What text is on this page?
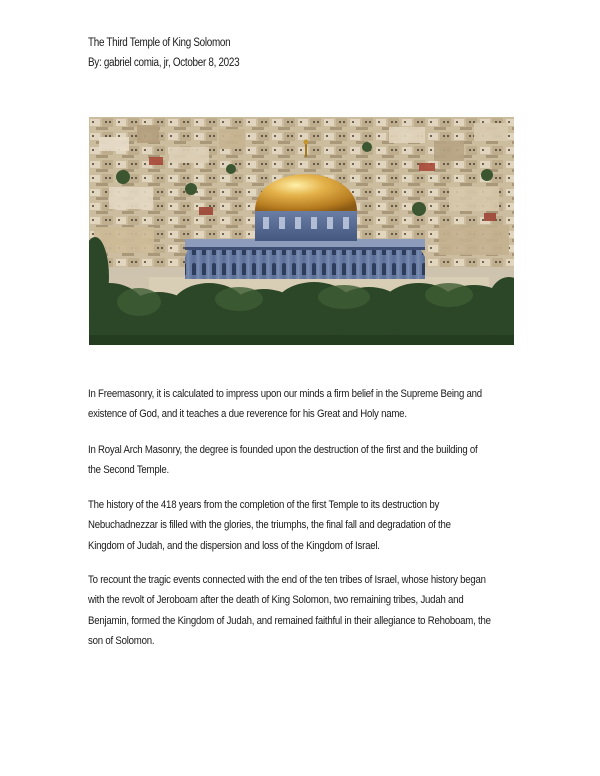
The Third Temple of King Solomon
By: gabriel comia, jr, October 8, 2023
In Freemasonry, it is calculated to impress upon our minds a firm belief in the Supreme Being and
existence of God, and it teaches a due reverence for his Great and Holy name.
In Royal Arch Masonry, the degree is founded upon the destruction of the first and the building of
the Second Temple.
The history of the 418 years from the completion of the first Temple to its destruction by
Nebuchadnezzar is filled with the glories, the triumphs, the final fall and degradation of the
Kingdom of Judah, and the dispersion and loss of the Kingdom of Israel.
To recount the tragic events connected with the end of the ten tribes of Israel, whose history began
with the revolt of Jeroboam after the death of King Solomon, two remaining tribes, Judah and
Benjamin, formed the Kingdom of Judah, and remained faithful in their allegiance to Rehoboam, the
son of Solomon.
